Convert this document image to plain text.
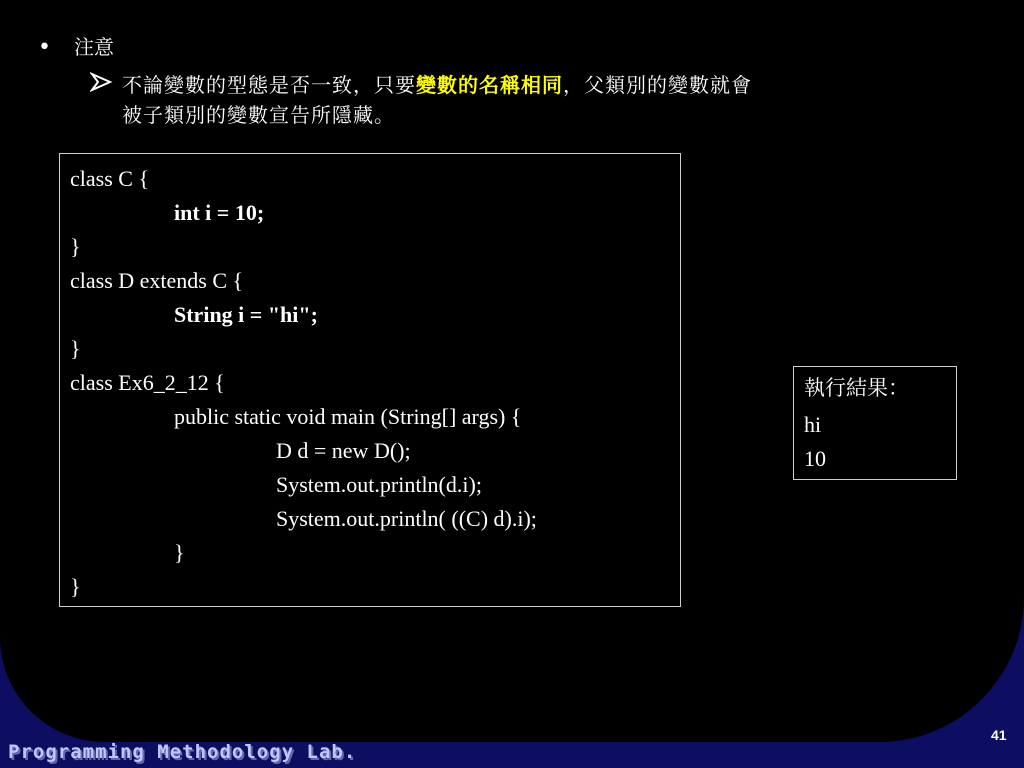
• 注意
不論變數的型態是否一致，只要變數的名稱相同，父類別的變數就會
被子類別的變數宣告所隱藏。
class C {
int i = 10;
}
class D extends C {
String i = "hi";
}
class Ex6_2_12 {
public static void main (String[] args) {
D d = new D();
System.out.println(d.i);
System.out.println( ((C) d).i);
}
}
執行結果：
hi
10
41
Programming Methodology Lab.
